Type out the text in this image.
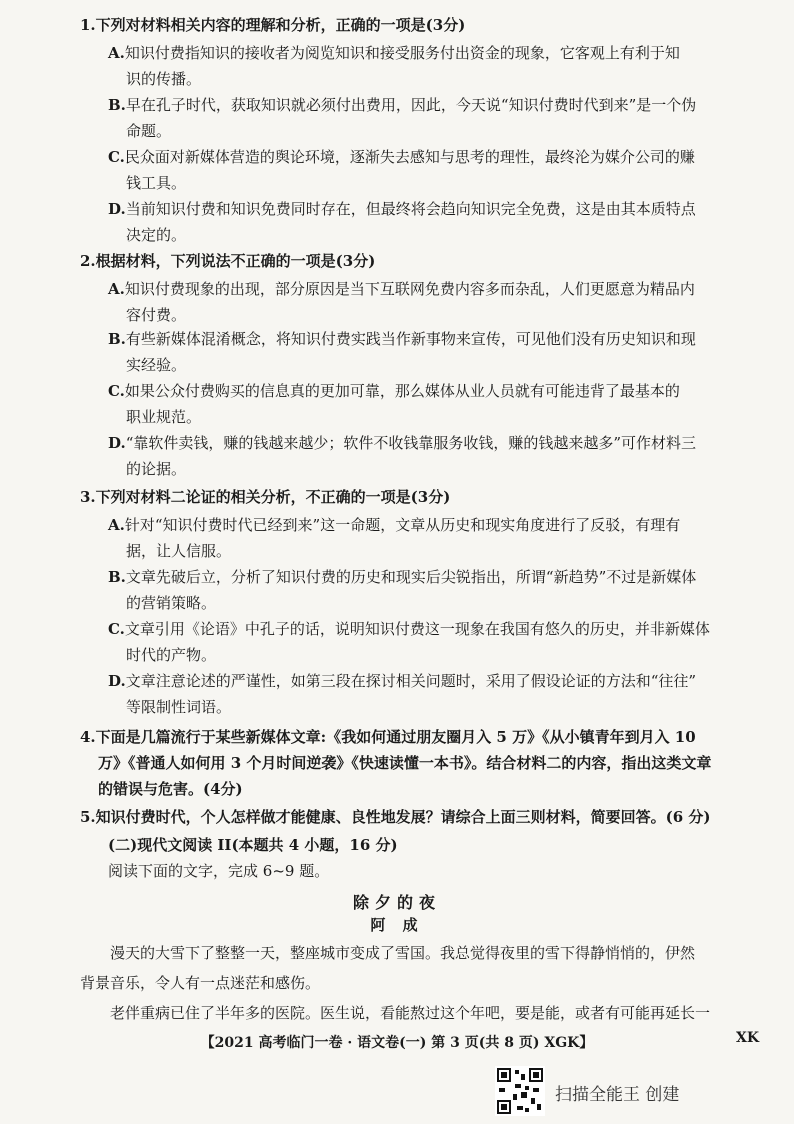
1.下列对材料相关内容的理解和分析，正确的一项是(3分)
A.知识付费指知识的接收者为阅览知识和接受服务付出资金的现象，它客观上有利于知
识的传播。
B.早在孔子时代，获取知识就必须付出费用，因此，今天说“知识付费时代到来”是一个伪
命题。
C.民众面对新媒体营造的舆论环境，逐渐失去感知与思考的理性，最终沦为媒介公司的赚
钱工具。
D.当前知识付费和知识免费同时存在，但最终将会趋向知识完全免费，这是由其本质特点
决定的。
2.根据材料，下列说法不正确的一项是(3分)
A.知识付费现象的出现，部分原因是当下互联网免费内容多而杂乱，人们更愿意为精品内
容付费。
B.有些新媒体混淆概念，将知识付费实践当作新事物来宣传，可见他们没有历史知识和现
实经验。
C.如果公众付费购买的信息真的更加可靠，那么媒体从业人员就有可能违背了最基本的
职业规范。
D.“靠软件卖钱，赚的钱越来越少；软件不收钱靠服务收钱，赚的钱越来越多”可作材料三
的论据。
3.下列对材料二论证的相关分析，不正确的一项是(3分)
A.针对“知识付费时代已经到来”这一命题，文章从历史和现实角度进行了反驳，有理有
据，让人信服。
B.文章先破后立，分析了知识付费的历史和现实后尖锐指出，所谓“新趋势”不过是新媒体
的营销策略。
C.文章引用《论语》中孔子的话，说明知识付费这一现象在我国有悠久的历史，并非新媒体
时代的产物。
D.文章注意论述的严谨性，如第三段在探讨相关问题时，采用了假设论证的方法和“往往”
等限制性词语。
4.下面是几篇流行于某些新媒体文章:《我如何通过朋友圈月入 5 万》《从小镇青年到月入 10
万》《普通人如何用 3 个月时间逆袭》《快速读懂一本书》。结合材料二的内容，指出这类文章
的错误与危害。(4分)
5.知识付费时代，个人怎样做才能健康、良性地发展？请综合上面三则材料，简要回答。(6 分)
(二)现代文阅读 II(本题共 4 小题，16 分)
阅读下面的文字，完成 6~9 题。
除夕的夜
阿 成
漫天的大雪下了整整一天，整座城市变成了雪国。我总觉得夜里的雪下得静悄悄的，伊然
背景音乐，令人有一点迷茫和感伤。
老伴重病已住了半年多的医院。医生说，看能熬过这个年吧，要是能，或者有可能再延长一
【2021 高考临门一卷 · 语文卷(一) 第 3 页(共 8 页) XGK】	XK
扫描全能王 创建
